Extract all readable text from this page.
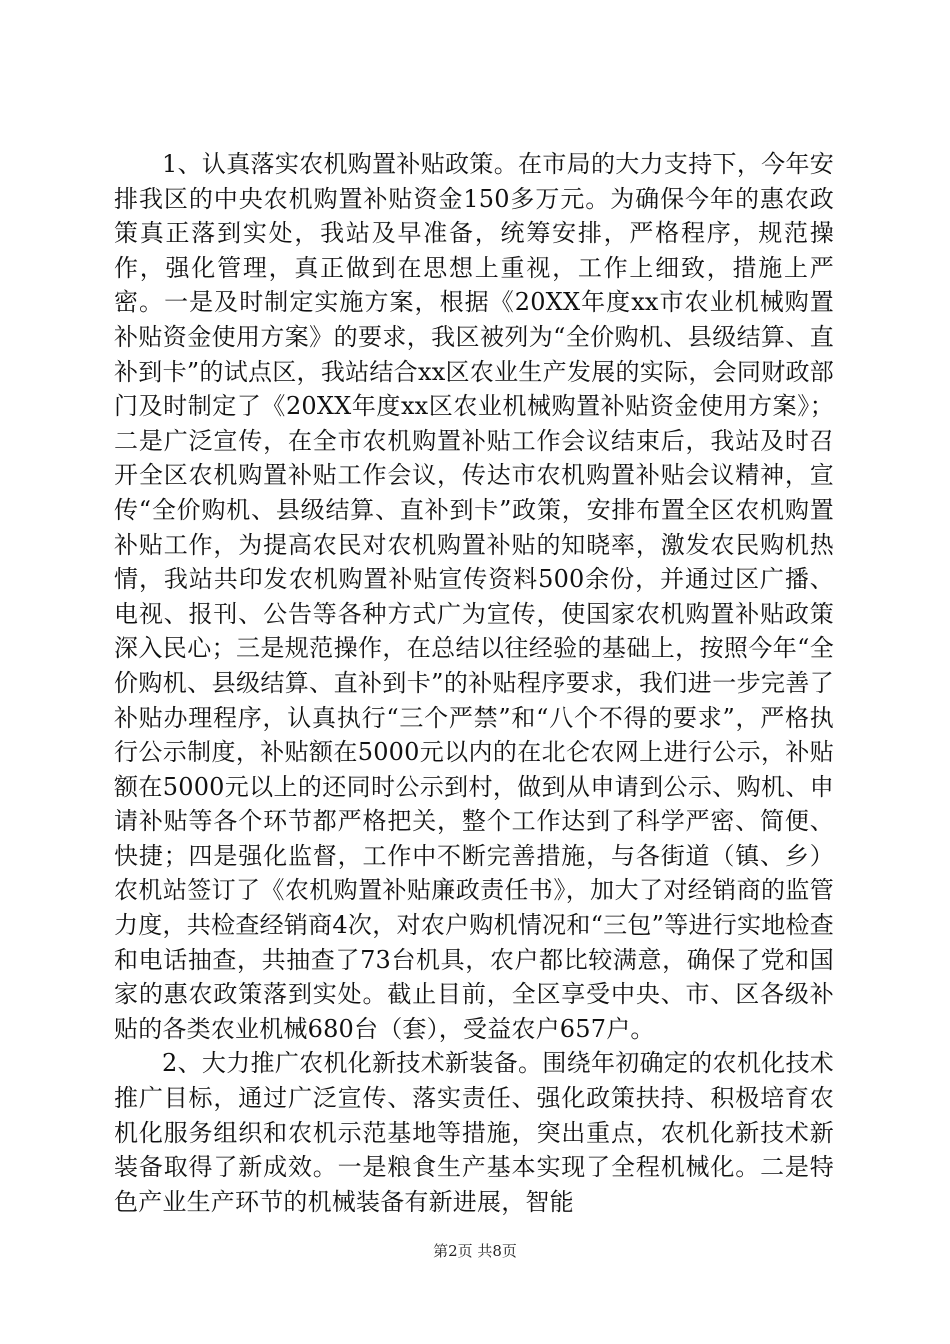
1、认真落实农机购置补贴政策。在市局的大力支持下，今年安排我区的中央农机购置补贴资金150多万元。为确保今年的惠农政策真正落到实处，我站及早准备，统筹安排，严格程序，规范操作，强化管理，真正做到在思想上重视，工作上细致，措施上严密。一是及时制定实施方案，根据《20XX年度xx市农业机械购置补贴资金使用方案》的要求，我区被列为“全价购机、县级结算、直补到卡”的试点区，我站结合xx区农业生产发展的实际，会同财政部门及时制定了《20XX年度xx区农业机械购置补贴资金使用方案》；二是广泛宣传，在全市农机购置补贴工作会议结束后，我站及时召开全区农机购置补贴工作会议，传达市农机购置补贴会议精神，宣传“全价购机、县级结算、直补到卡”政策，安排布置全区农机购置补贴工作，为提高农民对农机购置补贴的知晓率，激发农民购机热情，我站共印发农机购置补贴宣传资料500余份，并通过区广播、电视、报刊、公告等各种方式广为宣传，使国家农机购置补贴政策深入民心；三是规范操作，在总结以往经验的基础上，按照今年“全价购机、县级结算、直补到卡”的补贴程序要求，我们进一步完善了补贴办理程序，认真执行“三个严禁”和“八个不得的要求”，严格执行公示制度，补贴额在5000元以内的在北仑农网上进行公示，补贴额在5000元以上的还同时公示到村，做到从申请到公示、购机、申请补贴等各个环节都严格把关，整个工作达到了科学严密、简便、快捷；四是强化监督，工作中不断完善措施，与各街道（镇、乡）农机站签订了《农机购置补贴廉政责任书》，加大了对经销商的监管力度，共检查经销商4次，对农户购机情况和“三包”等进行实地检查和电话抽查，共抽查了73台机具，农户都比较满意，确保了党和国家的惠农政策落到实处。截止目前，全区享受中央、市、区各级补贴的各类农业机械680台（套），受益农户657户。

2、大力推广农机化新技术新装备。围绕年初确定的农机化技术推广目标，通过广泛宣传、落实责任、强化政策扶持、积极培育农机化服务组织和农机示范基地等措施，突出重点，农机化新技术新装备取得了新成效。一是粮食生产基本实现了全程机械化。二是特色产业生产环节的机械装备有新进展，智能

第2页 共8页
